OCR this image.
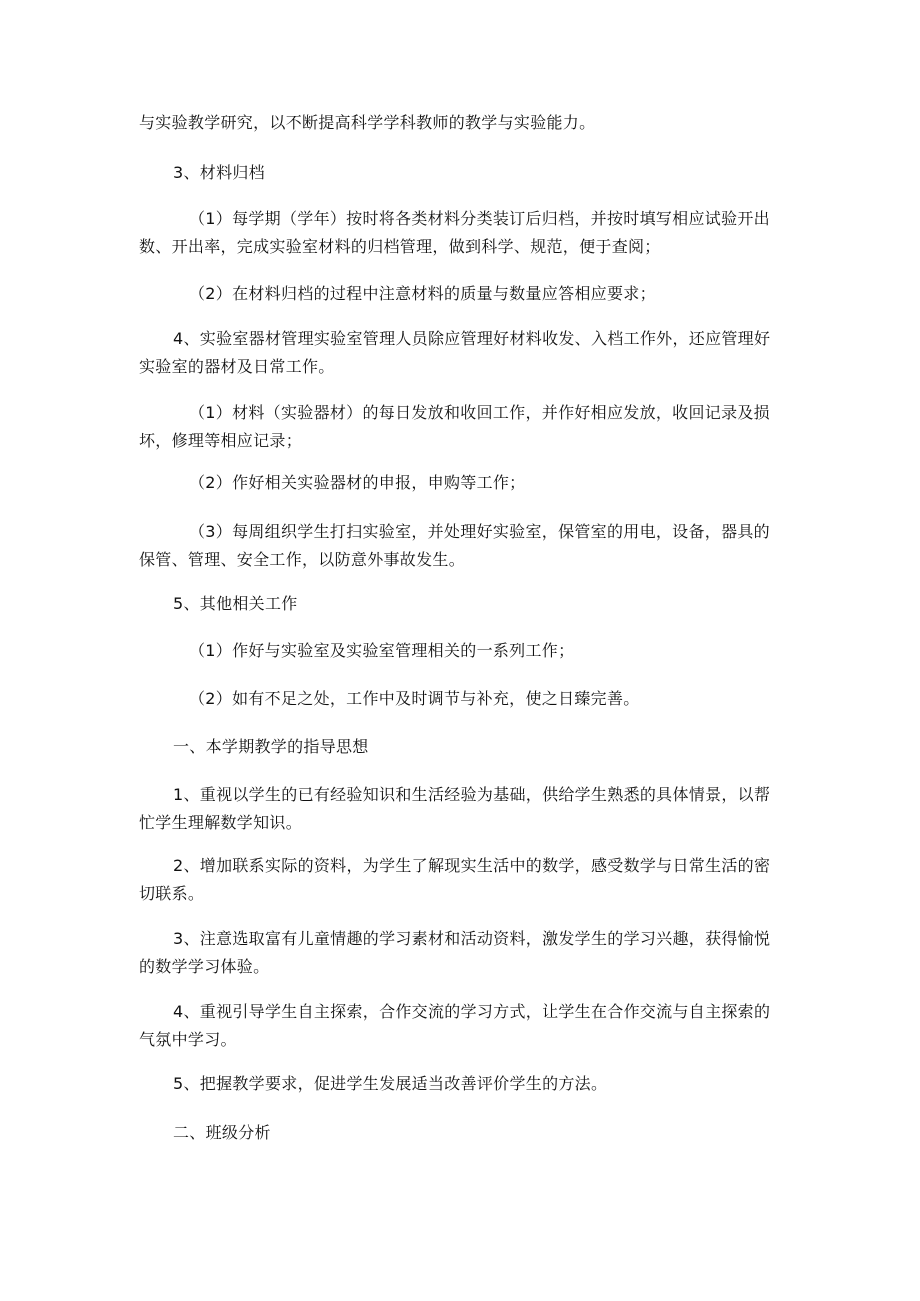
与实验教学研究，以不断提高科学学科教师的教学与实验能力。

3、材料归档

（1）每学期（学年）按时将各类材料分类装订后归档，并按时填写相应试验开出数、开出率，完成实验室材料的归档管理，做到科学、规范，便于查阅；

（2）在材料归档的过程中注意材料的质量与数量应答相应要求；

4、实验室器材管理实验室管理人员除应管理好材料收发、入档工作外，还应管理好实验室的器材及日常工作。

（1）材料（实验器材）的每日发放和收回工作，并作好相应发放，收回记录及损坏，修理等相应记录；

（2）作好相关实验器材的申报，申购等工作；

（3）每周组织学生打扫实验室，并处理好实验室，保管室的用电，设备，器具的保管、管理、安全工作，以防意外事故发生。

5、其他相关工作

（1）作好与实验室及实验室管理相关的一系列工作；

（2）如有不足之处，工作中及时调节与补充，使之日臻完善。

一、本学期教学的指导思想

1、重视以学生的已有经验知识和生活经验为基础，供给学生熟悉的具体情景，以帮忙学生理解数学知识。

2、增加联系实际的资料，为学生了解现实生活中的数学，感受数学与日常生活的密切联系。

3、注意选取富有儿童情趣的学习素材和活动资料，激发学生的学习兴趣，获得愉悦的数学学习体验。

4、重视引导学生自主探索，合作交流的学习方式，让学生在合作交流与自主探索的气氛中学习。

5、把握教学要求，促进学生发展适当改善评价学生的方法。

二、班级分析
